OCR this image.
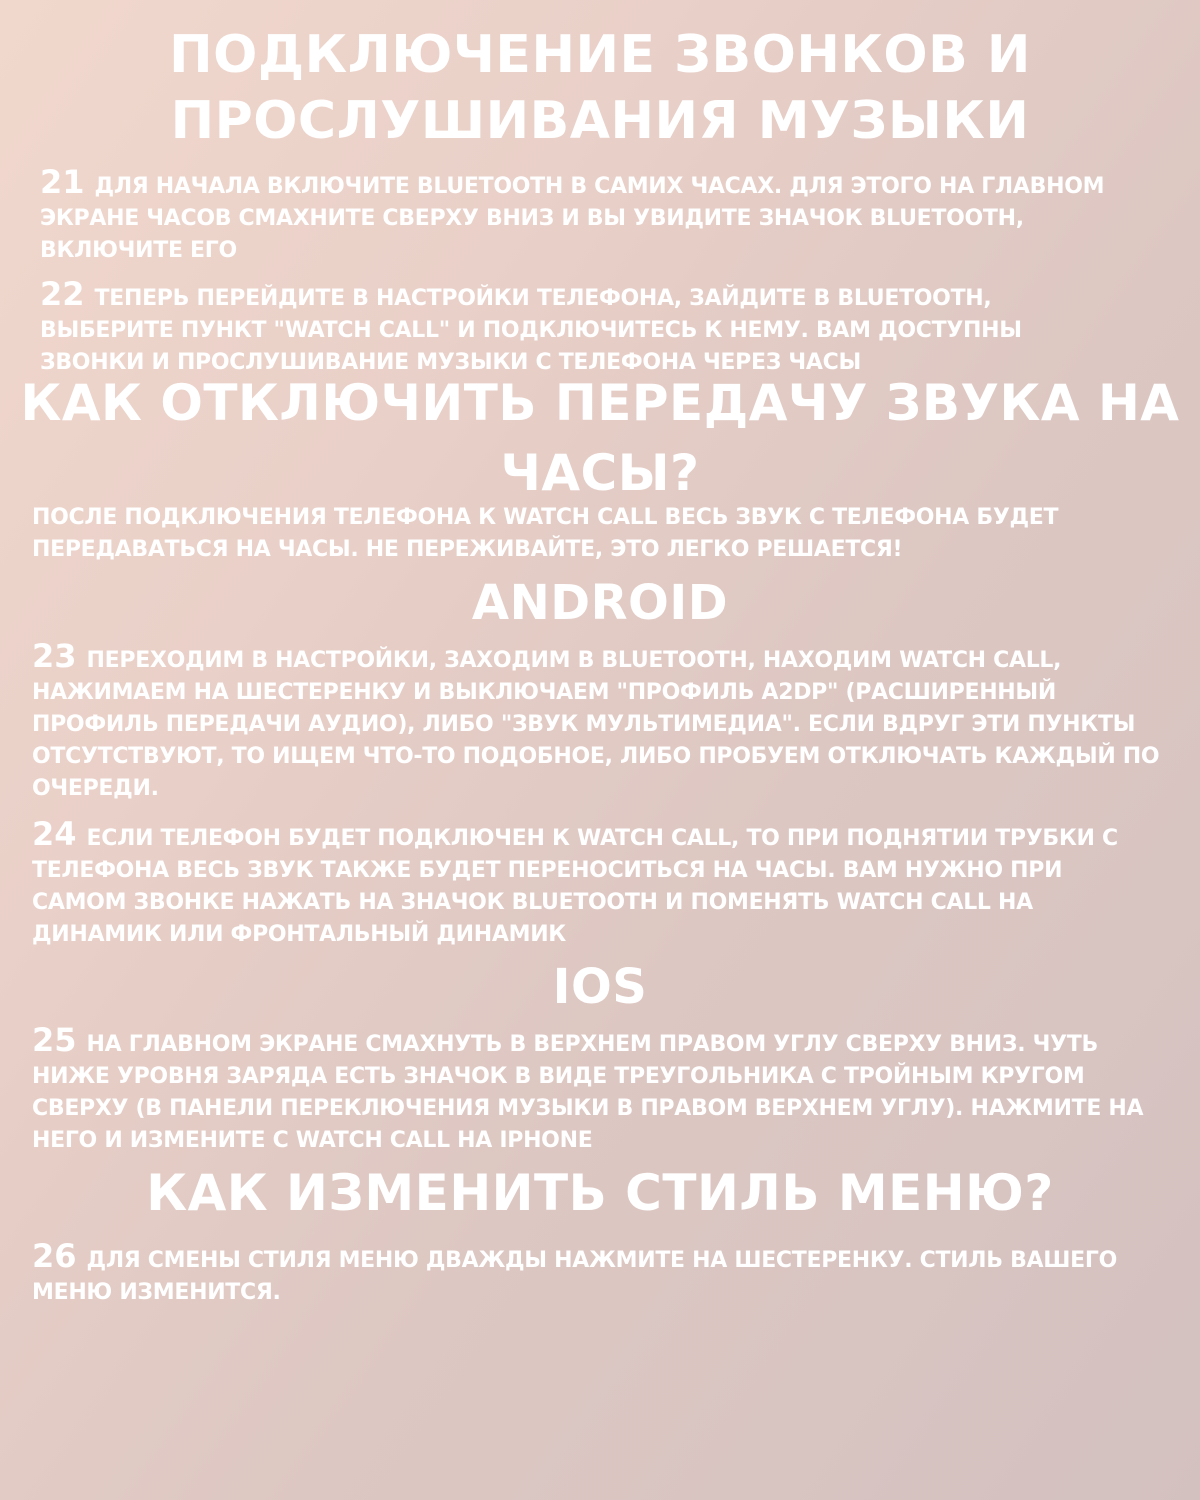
ПОДКЛЮЧЕНИЕ ЗВОНКОВ И
ПРОСЛУШИВАНИЯ МУЗЫКИ

21 ДЛЯ НАЧАЛА ВКЛЮЧИТЕ BLUETOOTH В САМИХ ЧАСАХ. ДЛЯ ЭТОГО НА ГЛАВНОМ ЭКРАНЕ ЧАСОВ СМАХНИТЕ СВЕРХУ ВНИЗ И ВЫ УВИДИТЕ ЗНАЧОК BLUETOOTH, ВКЛЮЧИТЕ ЕГО

22 ТЕПЕРЬ ПЕРЕЙДИТЕ В НАСТРОЙКИ ТЕЛЕФОНА, ЗАЙДИТЕ В BLUETOOTH, ВЫБЕРИТЕ ПУНКТ "WATCH CALL" И ПОДКЛЮЧИТЕСЬ К НЕМУ. ВАМ ДОСТУПНЫ ЗВОНКИ И ПРОСЛУШИВАНИЕ МУЗЫКИ С ТЕЛЕФОНА ЧЕРЕЗ ЧАСЫ

КАК ОТКЛЮЧИТЬ ПЕРЕДАЧУ ЗВУКА НА
ЧАСЫ?

ПОСЛЕ ПОДКЛЮЧЕНИЯ ТЕЛЕФОНА К WATCH CALL ВЕСЬ ЗВУК С ТЕЛЕФОНА БУДЕТ ПЕРЕДАВАТЬСЯ НА ЧАСЫ. НЕ ПЕРЕЖИВАЙТЕ, ЭТО ЛЕГКО РЕШАЕТСЯ!

ANDROID

23 ПЕРЕХОДИМ В НАСТРОЙКИ, ЗАХОДИМ В BLUETOOTH, НАХОДИМ WATCH CALL, НАЖИМАЕМ НА ШЕСТЕРЕНКУ И ВЫКЛЮЧАЕМ "ПРОФИЛЬ A2DP" (РАСШИРЕННЫЙ ПРОФИЛЬ ПЕРЕДАЧИ АУДИО), ЛИБО "ЗВУК МУЛЬТИМЕДИА". ЕСЛИ ВДРУГ ЭТИ ПУНКТЫ ОТСУТСТВУЮТ, ТО ИЩЕМ ЧТО-ТО ПОДОБНОЕ, ЛИБО ПРОБУЕМ ОТКЛЮЧАТЬ КАЖДЫЙ ПО ОЧЕРЕДИ.

24 ЕСЛИ ТЕЛЕФОН БУДЕТ ПОДКЛЮЧЕН К WATCH CALL, ТО ПРИ ПОДНЯТИИ ТРУБКИ С ТЕЛЕФОНА ВЕСЬ ЗВУК ТАКЖЕ БУДЕТ ПЕРЕНОСИТЬСЯ НА ЧАСЫ. ВАМ НУЖНО ПРИ САМОМ ЗВОНКЕ НАЖАТЬ НА ЗНАЧОК BLUETOOTH И ПОМЕНЯТЬ WATCH CALL НА ДИНАМИК ИЛИ ФРОНТАЛЬНЫЙ ДИНАМИК

IOS

25 НА ГЛАВНОМ ЭКРАНЕ СМАХНУТЬ В ВЕРХНЕМ ПРАВОМ УГЛУ СВЕРХУ ВНИЗ. ЧУТЬ НИЖЕ УРОВНЯ ЗАРЯДА ЕСТЬ ЗНАЧОК В ВИДЕ ТРЕУГОЛЬНИКА С ТРОЙНЫМ КРУГОМ СВЕРХУ (В ПАНЕЛИ ПЕРЕКЛЮЧЕНИЯ МУЗЫКИ В ПРАВОМ ВЕРХНЕМ УГЛУ). НАЖМИТЕ НА НЕГО И ИЗМЕНИТЕ С WATCH CALL НА IPHONE

КАК ИЗМЕНИТЬ СТИЛЬ МЕНЮ?

26 ДЛЯ СМЕНЫ СТИЛЯ МЕНЮ ДВАЖДЫ НАЖМИТЕ НА ШЕСТЕРЕНКУ. СТИЛЬ ВАШЕГО МЕНЮ ИЗМЕНИТСЯ.
